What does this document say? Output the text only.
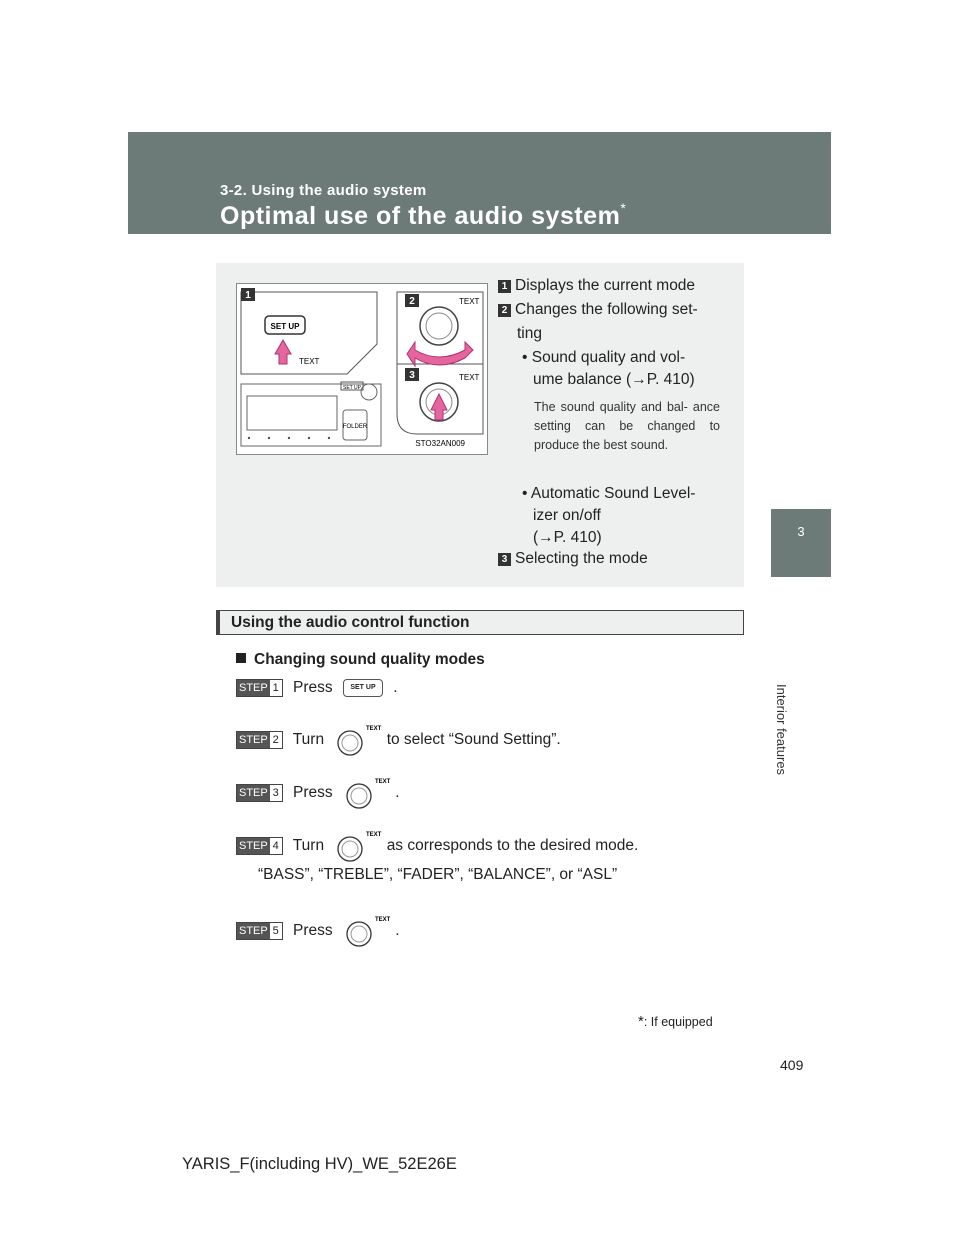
3-2. Using the audio system
Optimal use of the audio system*
3
Interior features
1
SET UP
TEXT
FOLDER
SET UP
2	TEXT
3	TEXT
STO32AN009
1 Displays the current mode
2 Changes the following set-
ting
• Sound quality and vol-
ume balance (→P. 410)
The sound quality and bal- ance setting can be changed to produce the best sound.
• Automatic Sound Level-
izer on/off
(→P. 410)
3 Selecting the mode
Using the audio control function
Changing sound quality modes
STEP 1 Press	SET UP .
STEP 2 Turn
TEXT
to select “Sound Setting”.
STEP 3 Press
TEXT
.
STEP 4 Turn
TEXT
as corresponds to the desired mode.
“BASS”, “TREBLE”, “FADER”, “BALANCE”, or “ASL”
STEP 5 Press
TEXT
.
*: If equipped
409
YARIS_F(including HV)_WE_52E26E
